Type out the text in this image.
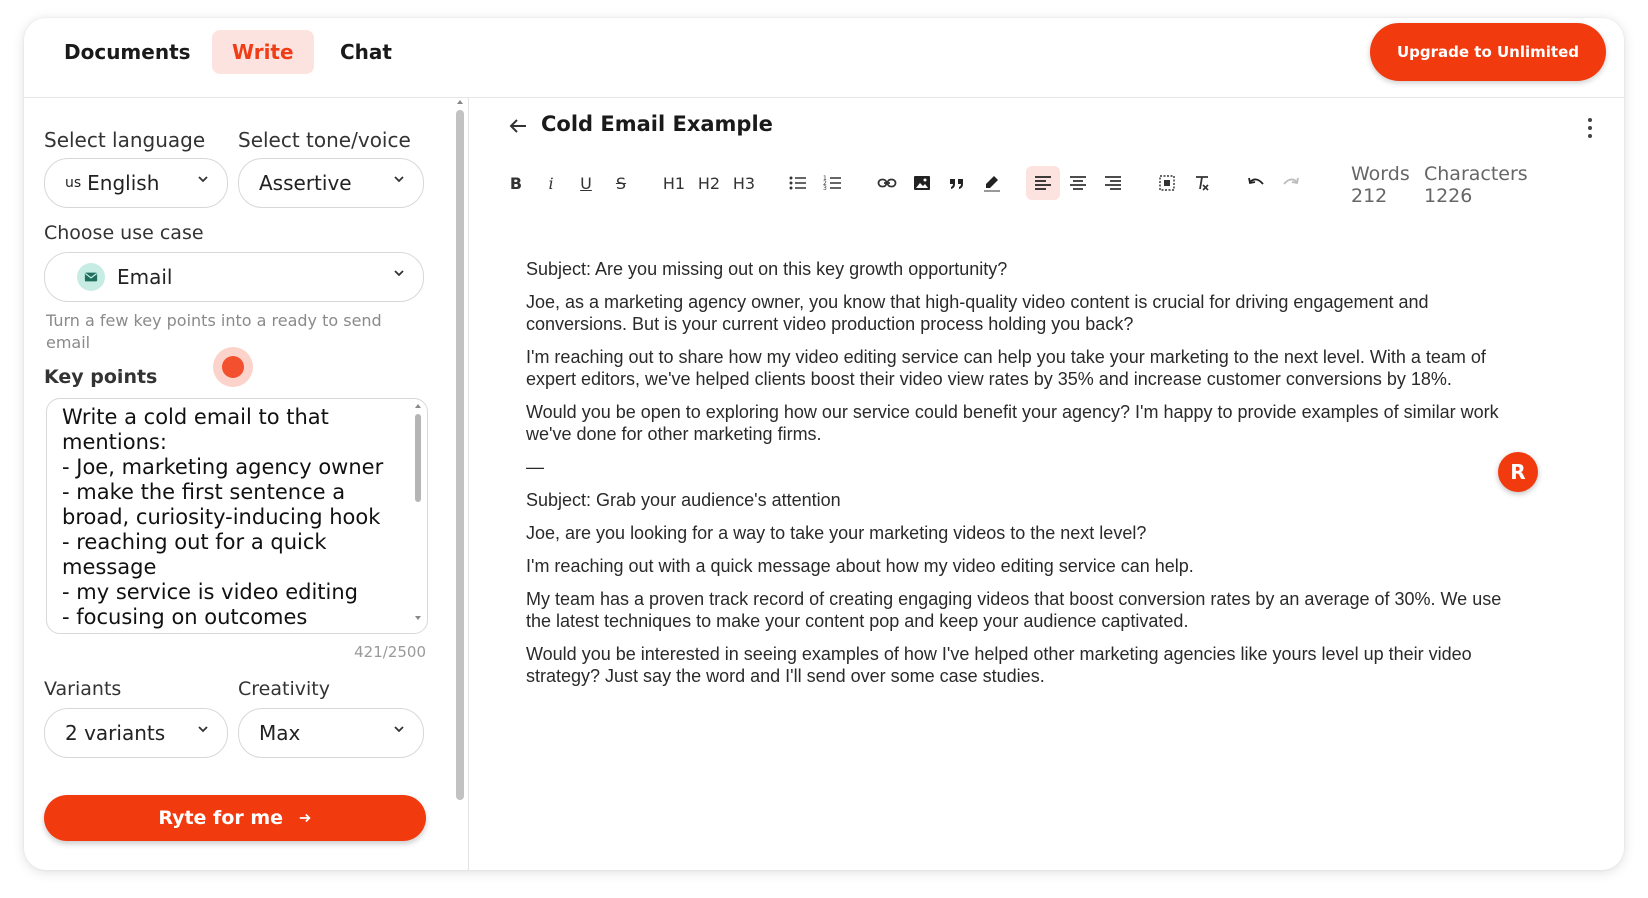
Documents	Write	Chat	Upgrade to Unlimited
Select language Select tone/voice
us English	Assertive
Choose use case
Email
Turn a few key points into a ready to send email
Key points
Write a cold email to that mentions: - Joe, marketing agency owner - make the first sentence a broad, curiosity-inducing hook - reaching out for a quick message - my service is video editing - focusing on outcomes
421/2500
Variants	Creativity
2 variants	Max
Ryte for me
Cold Email Example
B	i	U	S	H1 H2 H3	1
2
3
Words
212
Characters
1226

Subject: Are you missing out on this key growth opportunity?

Joe, as a marketing agency owner, you know that high-quality video content is crucial for driving engagement and conversions. But is your current video production process holding you back?

I'm reaching out to share how my video editing service can help you take your marketing to the next level. With a team of expert editors, we've helped clients boost their video view rates by 35% and increase customer conversions by 18%.

Would you be open to exploring how our service could benefit your agency? I'm happy to provide examples of similar work we've done for other marketing firms.

—

Subject: Grab your audience's attention

Joe, are you looking for a way to take your marketing videos to the next level?

I'm reaching out with a quick message about how my video editing service can help.

My team has a proven track record of creating engaging videos that boost conversion rates by an average of 30%. We use the latest techniques to make your content pop and keep your audience captivated.

Would you be interested in seeing examples of how I've helped other marketing agencies like yours level up their video strategy? Just say the word and I'll send over some case studies.

R
